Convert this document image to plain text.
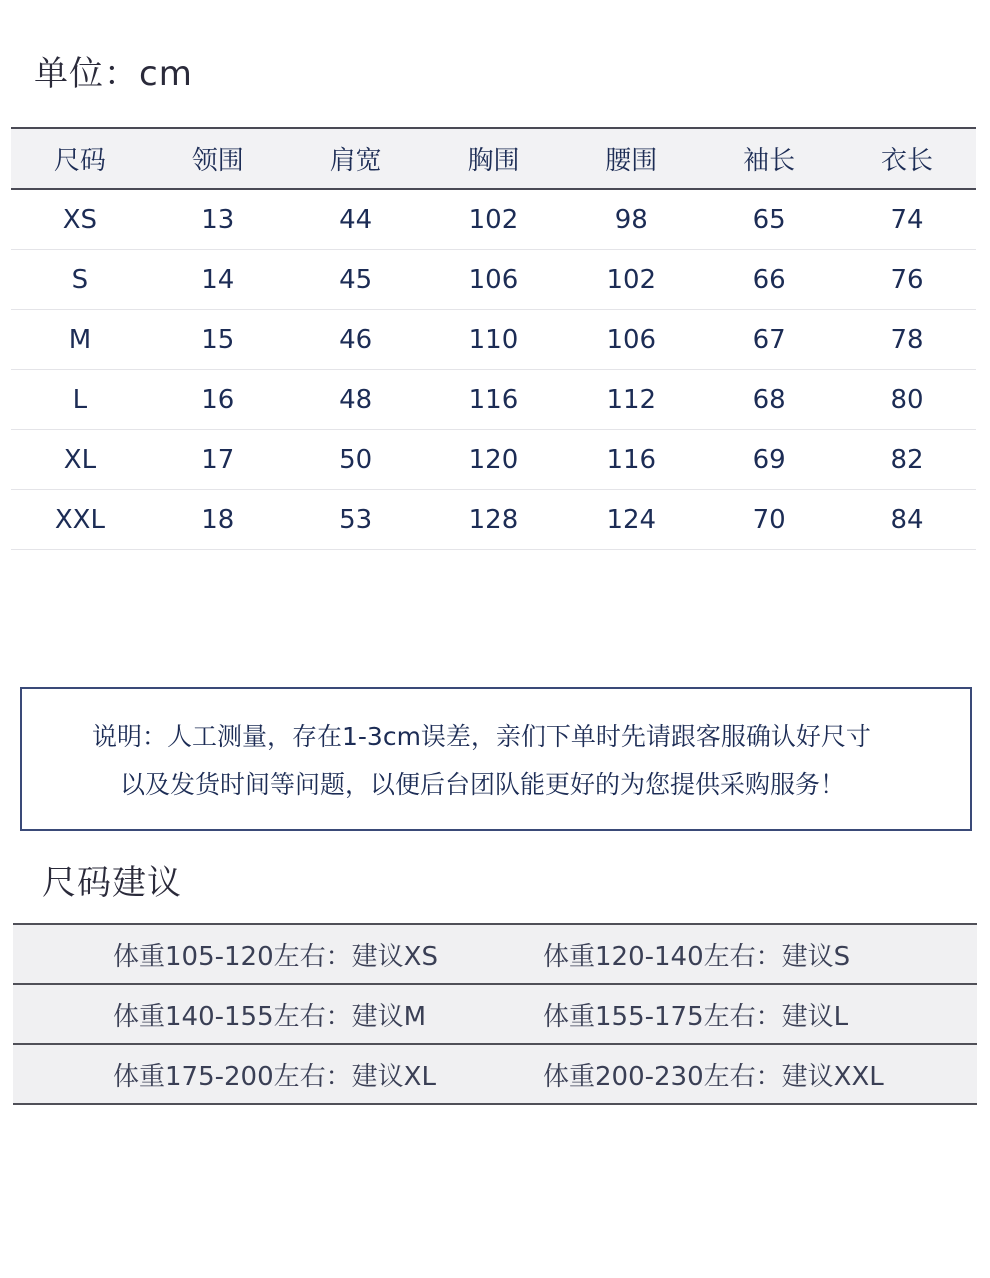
单位：cm
尺码	领围	肩宽	胸围	腰围	袖长	衣长
XS	13	44	102	98	65	74
S	14	45	106	102	66	76
M	15	46	110	106	67	78
L	16	48	116	112	68	80
XL	17	50	120	116	69	82
XXL	18	53	128	124	70	84
说明：人工测量，存在1-3cm误差，亲们下单时先请跟客服确认好尺寸
以及发货时间等问题，以便后台团队能更好的为您提供采购服务！
尺码建议
体重105-120左右：建议XS	体重120-140左右：建议S
体重140-155左右：建议M	体重155-175左右：建议L
体重175-200左右：建议XL	体重200-230左右：建议XXL
